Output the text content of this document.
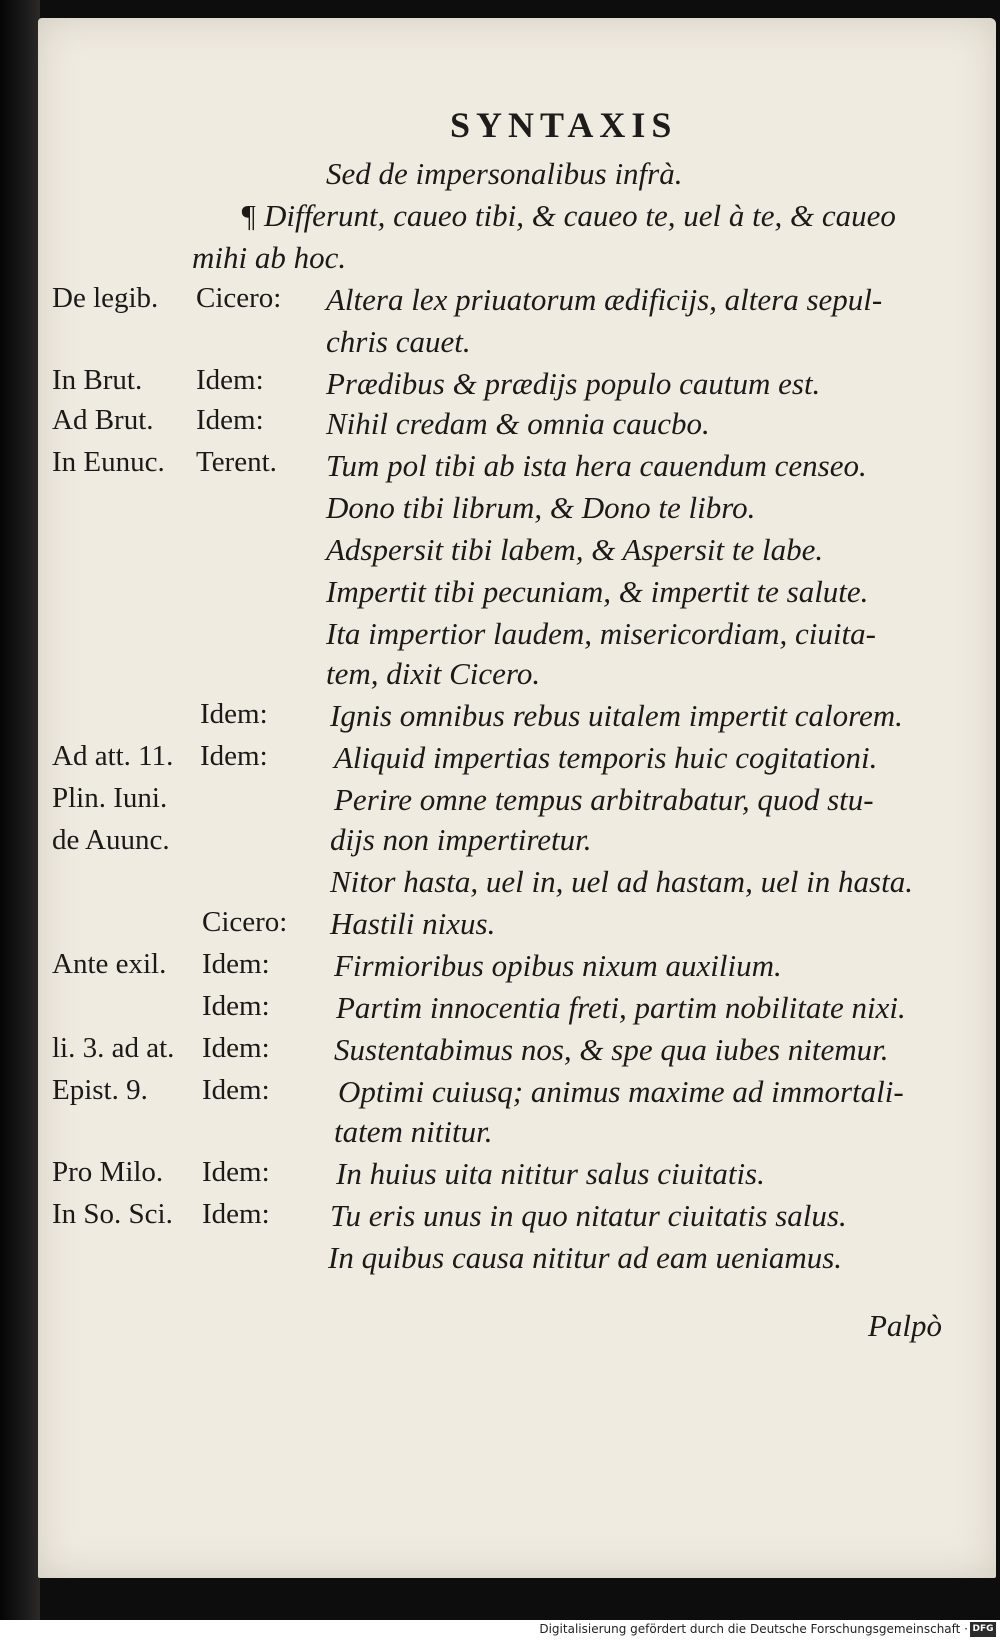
SYNTAXIS
Sed de impersonalibus infrà.
¶ Differunt, caueo tibi, & caueo te, uel à te, & caueo
mihi ab hoc.
Altera lex priuatorum ædificijs, altera sepul-
chris cauet.
Prædibus & prædijs populo cautum est.
Nihil credam & omnia caucbo.
Tum pol tibi ab ista hera cauendum censeo.
Dono tibi librum, & Dono te libro.
Adspersit tibi labem, & Aspersit te labe.
Impertit tibi pecuniam, & impertit te salute.
Ita impertior laudem, misericordiam, ciuita-
tem, dixit Cicero.
Ignis omnibus rebus uitalem impertit calorem.
Aliquid impertias temporis huic cogitationi.
Perire omne tempus arbitrabatur, quod stu-
dijs non impertiretur.
Nitor hasta, uel in, uel ad hastam, uel in hasta.
Hastili nixus.
Firmioribus opibus nixum auxilium.
Partim innocentia freti, partim nobilitate nixi.
Sustentabimus nos, & spe qua iubes nitemur.
Optimi cuiusq; animus maxime ad immortali-
tatem nititur.
In huius uita nititur salus ciuitatis.
Tu eris unus in quo nitatur ciuitatis salus.
In quibus causa nititur ad eam ueniamus.
De legib.
In Brut.
Ad Brut.
In Eunuc.
Ad att. 11.
Plin. Iuni.
de Auunc.
Ante exil.
li. 3. ad at.
Epist. 9.
Pro Milo.
In So. Sci.
Cicero:
Idem:
Idem:
Terent.
Idem:
Idem:
Cicero:
Idem:
Idem:
Idem:
Idem:
Idem:
Idem:
Palpò
Digitalisierung gefördert durch die Deutsche Forschungsgemeinschaft · DFG
